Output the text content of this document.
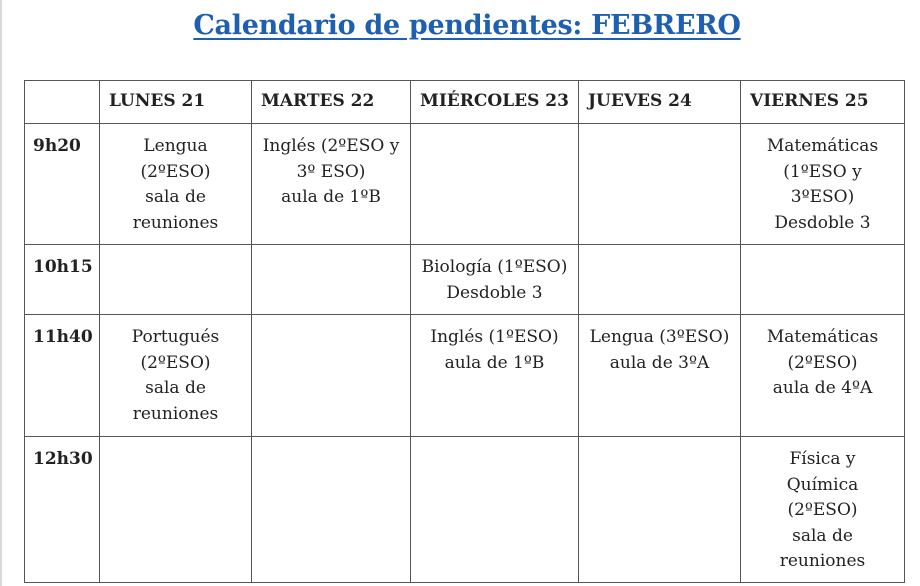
Calendario de pendientes: FEBRERO
	LUNES 21	MARTES 22	MIÉRCOLES 23	JUEVES 24	VIERNES 25
9h20	Lengua
(2ºESO)
sala de
reuniones	Inglés (2ºESO y
3º ESO)
aula de 1ºB			Matemáticas
(1ºESO y
3ºESO)
Desdoble 3

10h15			Biología (1ºESO)
Desdoble 3		

11h40	Portugués
(2ºESO)
sala de
reuniones		Inglés (1ºESO)
aula de 1ºB	Lengua (3ºESO)
aula de 3ºA	Matemáticas
(2ºESO)
aula de 4ºA

12h30					Física y
Química
(2ºESO)
sala de
reuniones
